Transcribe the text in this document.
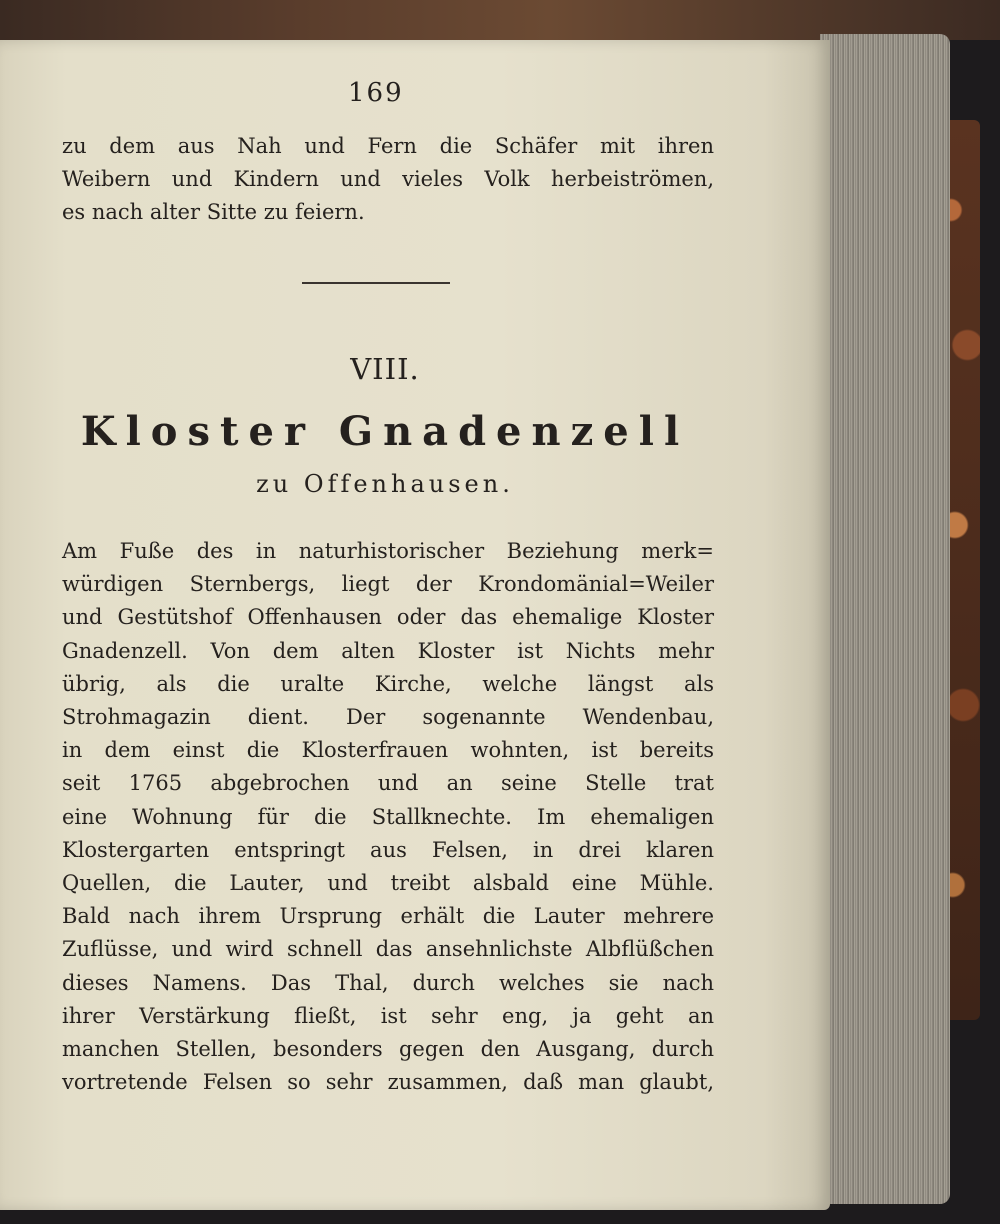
169
zu dem aus Nah und Fern die Schäfer mit ihren
Weibern und Kindern und vieles Volk herbeiströmen,
es nach alter Sitte zu feiern.
VIII.
Kloster Gnadenzell
zu Offenhausen.
Am Fuße des in naturhistorischer Beziehung merk=
würdigen Sternbergs, liegt der Krondomänial=Weiler
und Gestütshof Offenhausen oder das ehemalige Kloster
Gnadenzell. Von dem alten Kloster ist Nichts mehr
übrig, als die uralte Kirche, welche längst als
Strohmagazin dient. Der sogenannte Wendenbau,
in dem einst die Klosterfrauen wohnten, ist bereits
seit 1765 abgebrochen und an seine Stelle trat
eine Wohnung für die Stallknechte. Im ehemaligen
Klostergarten entspringt aus Felsen, in drei klaren
Quellen, die Lauter, und treibt alsbald eine Mühle.
Bald nach ihrem Ursprung erhält die Lauter mehrere
Zuflüsse, und wird schnell das ansehnlichste Albflüßchen
dieses Namens. Das Thal, durch welches sie nach
ihrer Verstärkung fließt, ist sehr eng, ja geht an
manchen Stellen, besonders gegen den Ausgang, durch
vortretende Felsen so sehr zusammen, daß man glaubt,
